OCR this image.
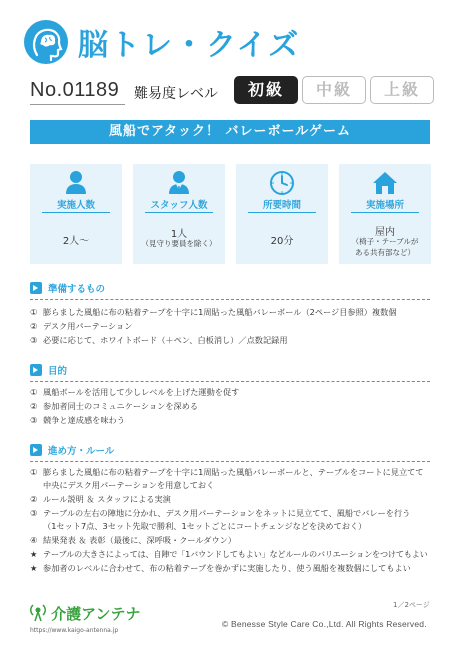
脳トレ・クイズ
No.01189 難易度レベル	初級	中級	上級
風船でアタック！ バレーボールゲーム
実施人数
2人～
スタッフ人数
1人
（見守り要員を除く）
所要時間
20分
実施場所
屋内
（椅子・テーブルが
ある共有部など）
準備するもの
① 膨らました風船に布の粘着テープを十字に1周貼った風船バレーボール（2ページ目参照）複数個
② デスク用パーテーション
③ 必要に応じて、ホワイトボード（＋ペン、白板消し）／点数記録用
目的
① 風船ボールを活用して少しレベルを上げた運動を促す
② 参加者同士のコミュニケーションを深める
③ 競争と達成感を味わう
進め方・ルール
① 膨らました風船に布の粘着テープを十字に1周貼った風船バレーボールと、テーブルをコートに見立てて
中央にデスク用パーテーションを用意しておく
② ルール説明 ＆ スタッフによる実演
③ テーブルの左右の陣地に分かれ、デスク用パーテーションをネットに見立てて、風船でバレーを行う
（1セット7点、3セット先取で勝利、1セットごとにコートチェンジなどを決めておく）
④ 結果発表 ＆ 表彰（最後に、深呼吸・クールダウン）
★ テーブルの大きさによっては、自陣で「1バウンドしてもよい」などルールのバリエーションをつけてもよい
★ 参加者のレベルに合わせて、布の粘着テープを巻かずに実施したり、使う風船を複数個にしてもよい
介護アンテナ
https://www.kaigo-antenna.jp
1／2ページ
© Benesse Style Care Co.,Ltd. All Rights Reserved.
